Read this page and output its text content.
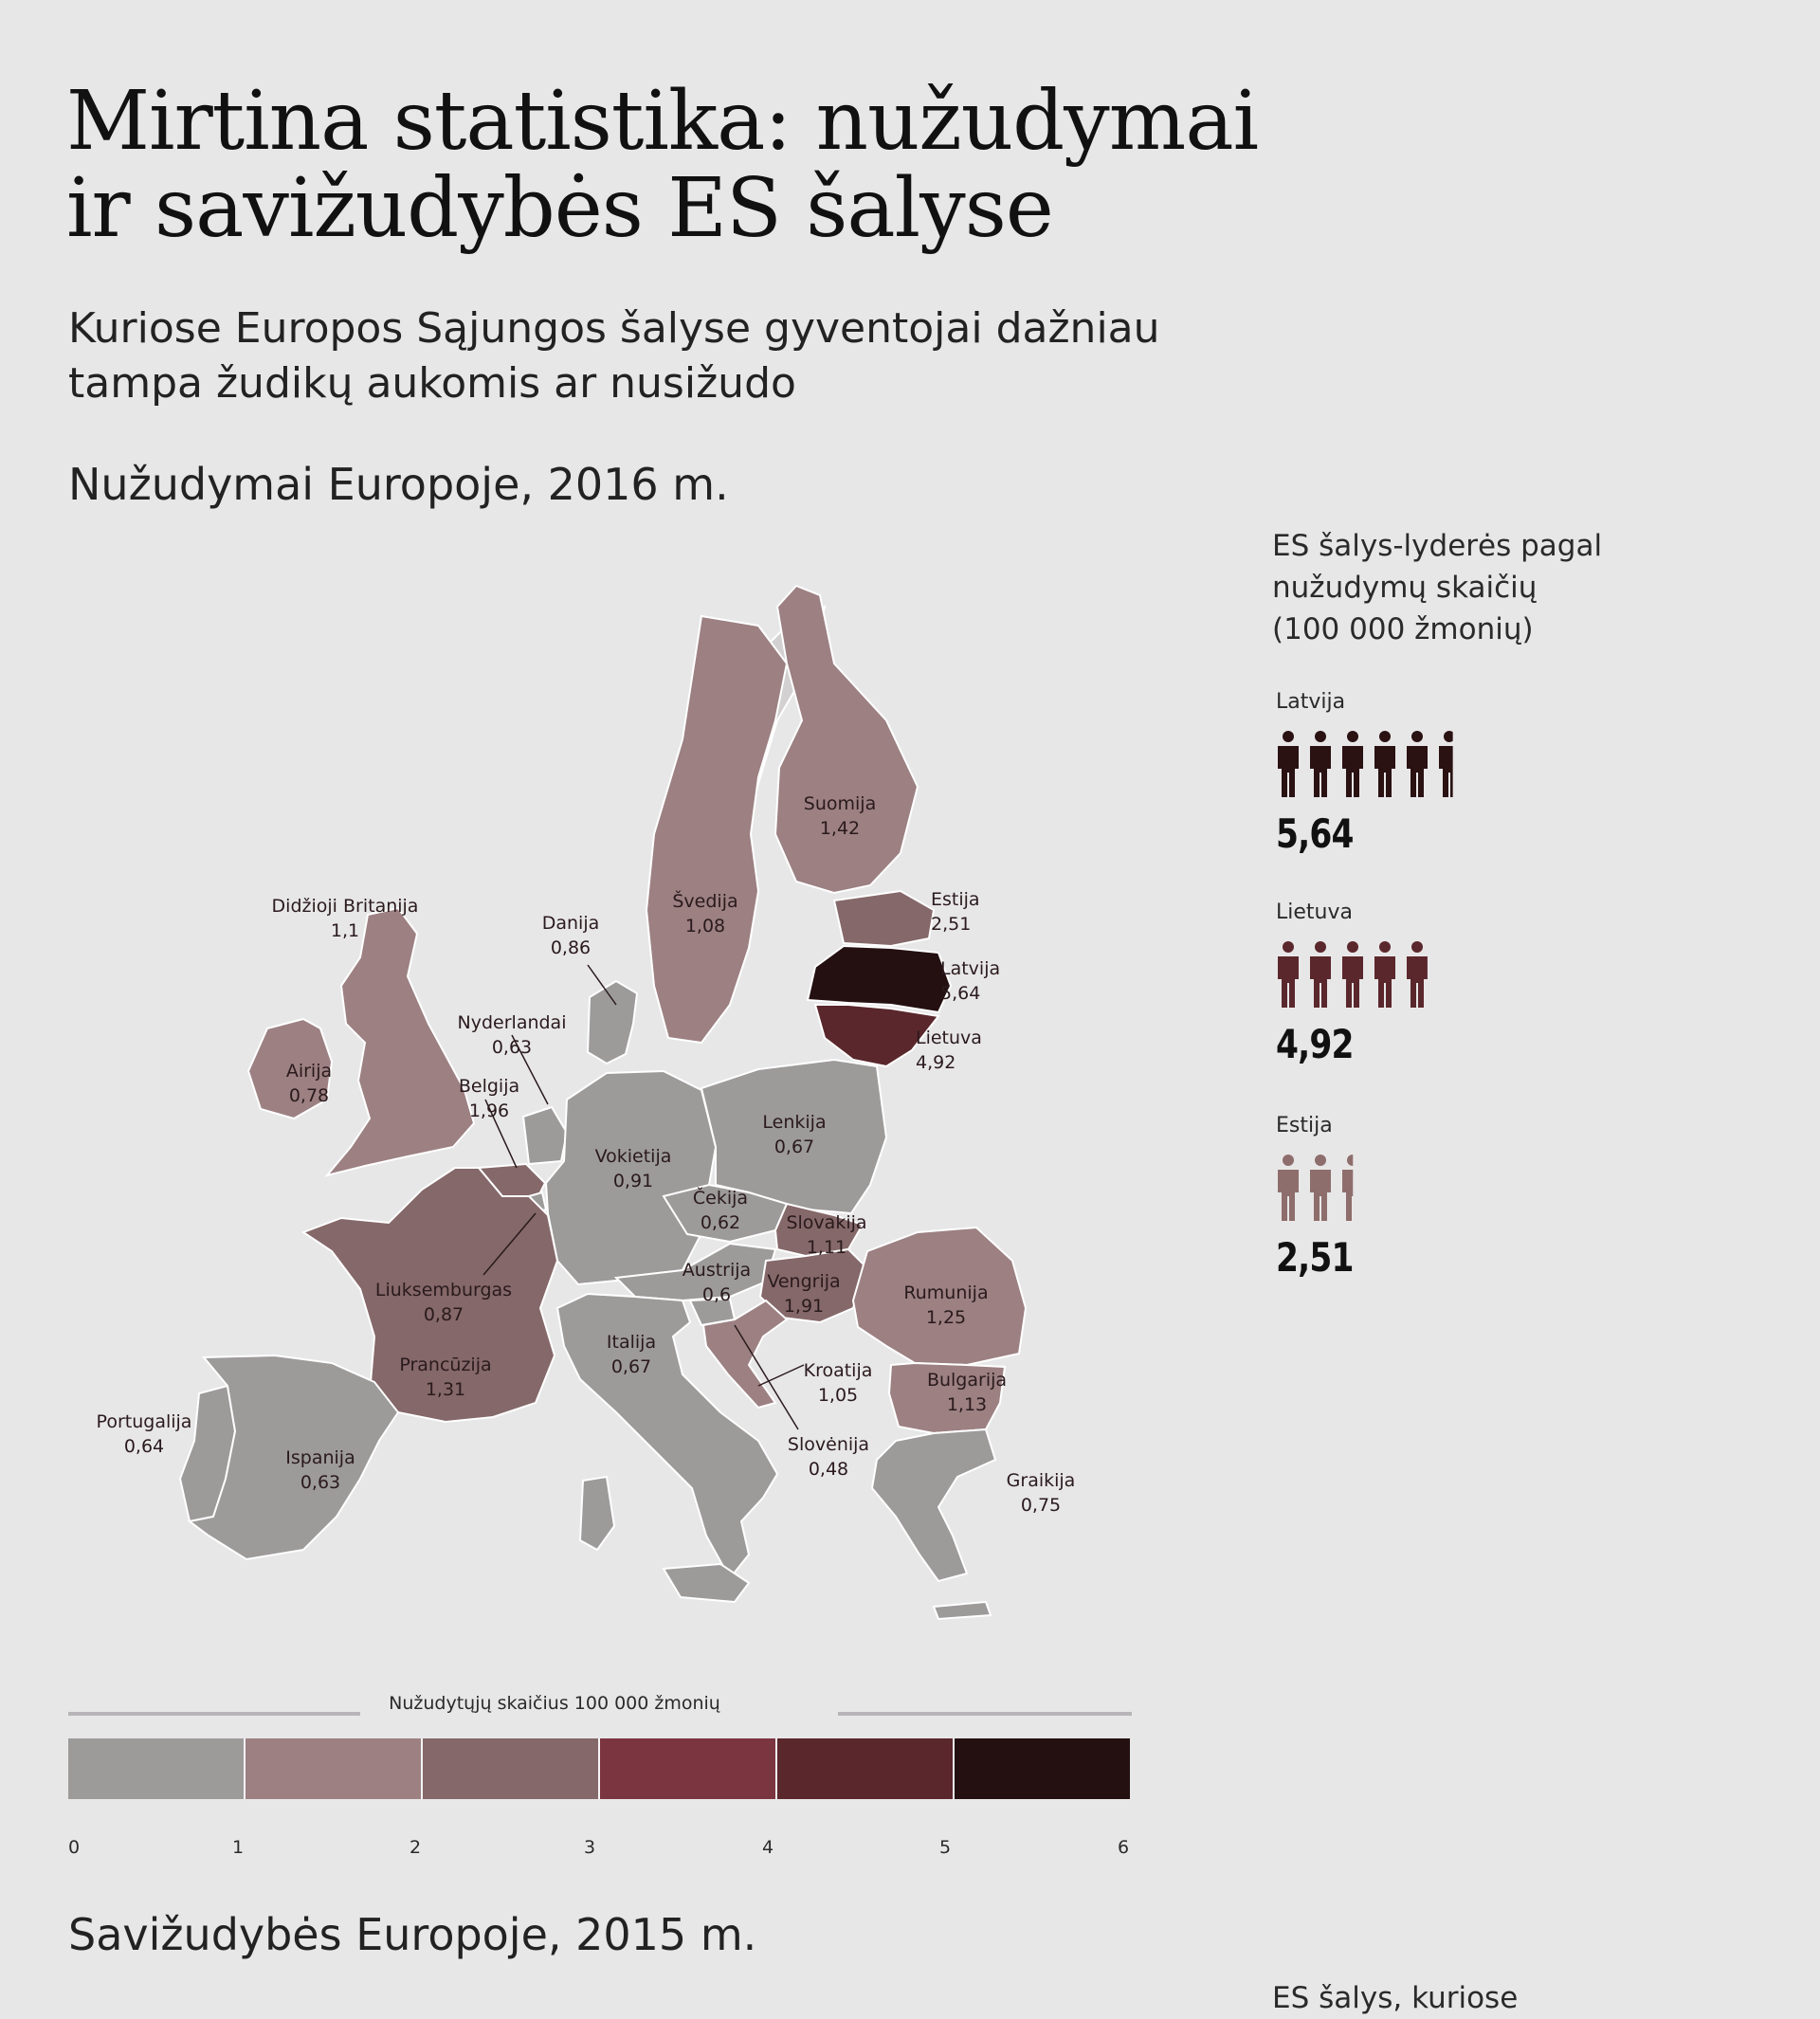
Mirtina statistika: nužudymai
ir savižudybės ES šalyse

Kuriose Europos Sąjungos šalyse gyventojai dažniau
tampa žudikų aukomis ar nusižudo

Nužudymai Europoje, 2016 m.
Didžioji Britanija
1,1
Airija
0,78
Danija
0,86
Švedija
1,08
Suomija
1,42
Estija
2,51
Latvija
5,64
Lietuva
4,92
Nyderlandai
0,63
Belgija
1,96
Vokietija
0,91
Lenkija
0,67
Čekija
0,62	Slovakija
1,11
Austrija
0,6
Vengrija
1,91
Rumunija
1,25
Liuksemburgas
0,87
Prancūzija
1,31
Italija
0,67	Kroatija
1,05
Bulgarija
1,13
Slovėnija
0,48
Portugalija
0,64
Ispanija
0,63	Graikija
0,75

ES šalys-lyderės pagal
nužudymų skaičių
(100 000 žmonių)

Latvija
5,64
Lietuva
4,92
Estija
2,51
Nužudytųjų skaičius 100 000 žmonių
0	1	2	3	4	5	6
Savižudybės Europoje, 2015 m.

ES šalys, kuriose
